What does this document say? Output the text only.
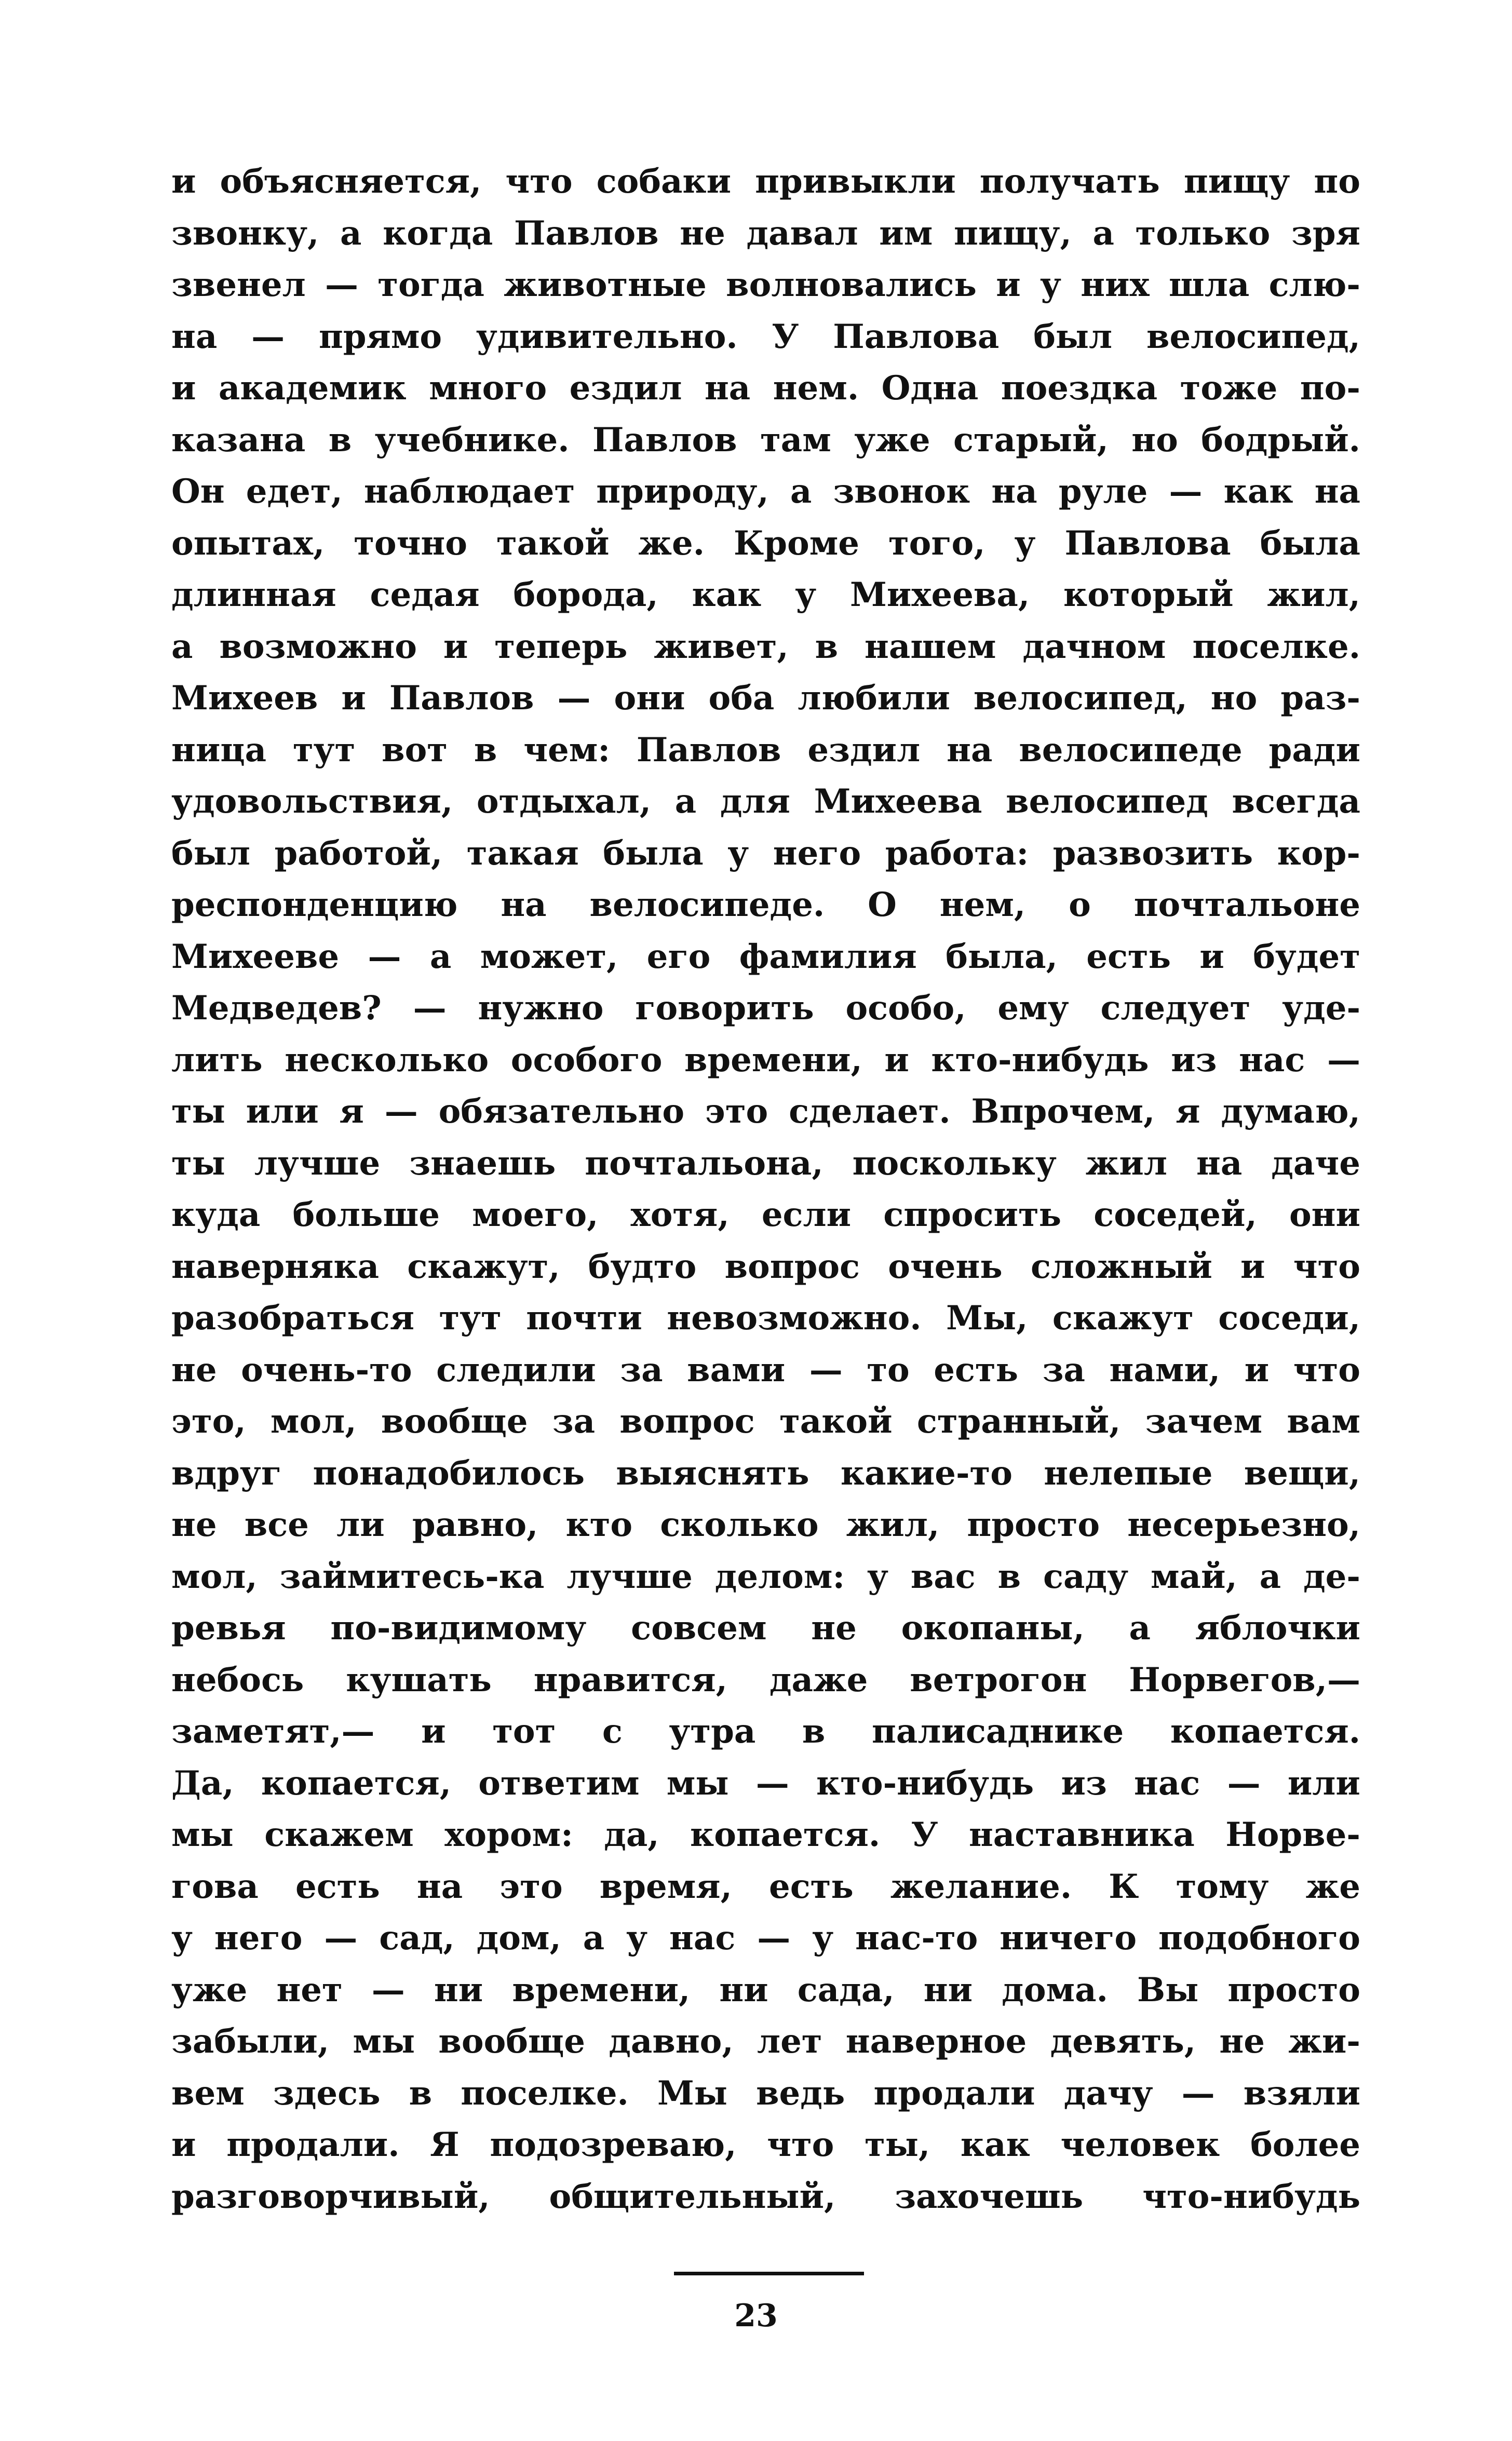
и объясняется, что собаки привыкли получать пищу по
звонку, а когда Павлов не давал им пищу, а только зря
звенел — тогда животные волновались и у них шла слю-
на — прямо удивительно. У Павлова был велосипед,
и академик много ездил на нем. Одна поездка тоже по-
казана в учебнике. Павлов там уже старый, но бодрый.
Он едет, наблюдает природу, а звонок на руле — как на
опытах, точно такой же. Кроме того, у Павлова была
длинная седая борода, как у Михеева, который жил,
а возможно и теперь живет, в нашем дачном поселке.
Михеев и Павлов — они оба любили велосипед, но раз-
ница тут вот в чем: Павлов ездил на велосипеде ради
удовольствия, отдыхал, а для Михеева велосипед всегда
был работой, такая была у него работа: развозить кор-
респонденцию на велосипеде. О нем, о почтальоне
Михееве — а может, его фамилия была, есть и будет
Медведев? — нужно говорить особо, ему следует уде-
лить несколько особого времени, и кто-нибудь из нас —
ты или я — обязательно это сделает. Впрочем, я думаю,
ты лучше знаешь почтальона, поскольку жил на даче
куда больше моего, хотя, если спросить соседей, они
наверняка скажут, будто вопрос очень сложный и что
разобраться тут почти невозможно. Мы, скажут соседи,
не очень-то следили за вами — то есть за нами, и что
это, мол, вообще за вопрос такой странный, зачем вам
вдруг понадобилось выяснять какие-то нелепые вещи,
не все ли равно, кто сколько жил, просто несерьезно,
мол, займитесь-ка лучше делом: у вас в саду май, а де-
ревья по-видимому совсем не окопаны, а яблочки
небось кушать нравится, даже ветрогон Норвегов,—
заметят,— и тот с утра в палисаднике копается.
Да, копается, ответим мы — кто-нибудь из нас — или
мы скажем хором: да, копается. У наставника Норве-
гова есть на это время, есть желание. К тому же
у него — сад, дом, а у нас — у нас-то ничего подобного
уже нет — ни времени, ни сада, ни дома. Вы просто
забыли, мы вообще давно, лет наверное девять, не жи-
вем здесь в поселке. Мы ведь продали дачу — взяли
и продали. Я подозреваю, что ты, как человек более
разговорчивый, общительный, захочешь что-нибудь
23
